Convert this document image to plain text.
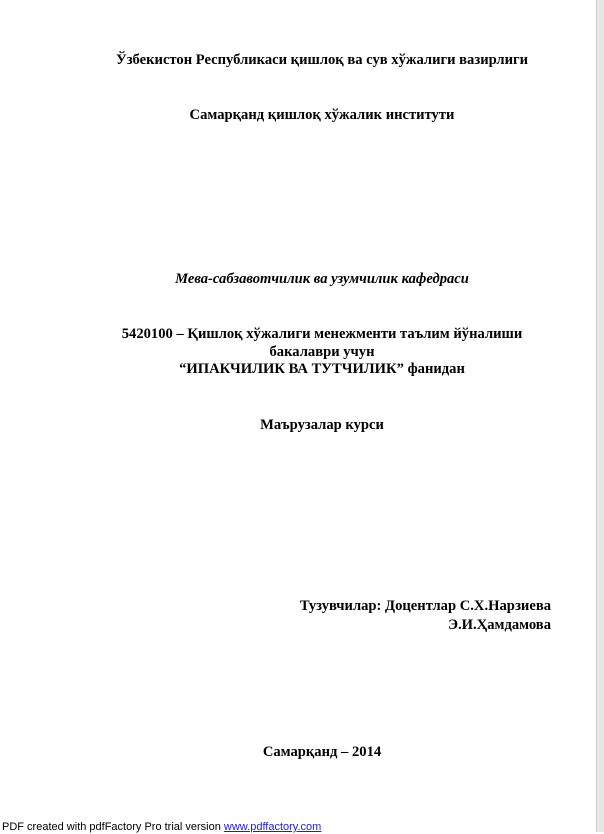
Ўзбекистон Республикаси қишлоқ ва сув хўжалиги вазирлиги
Самарқанд қишлоқ хўжалик институти
Мева-сабзавотчилик ва узумчилик кафедраси
5420100 – Қишлоқ хўжалиги менежменти таълим йўналиши
бакалаври учун
“ИПАКЧИЛИК ВА ТУТЧИЛИК” фанидан
Маърузалар курси
Тузувчилар: Доцентлар С.Х.Нарзиева
Э.И.Ҳамдамова
Самарқанд – 2014
PDF created with pdfFactory Pro trial version www.pdffactory.com
